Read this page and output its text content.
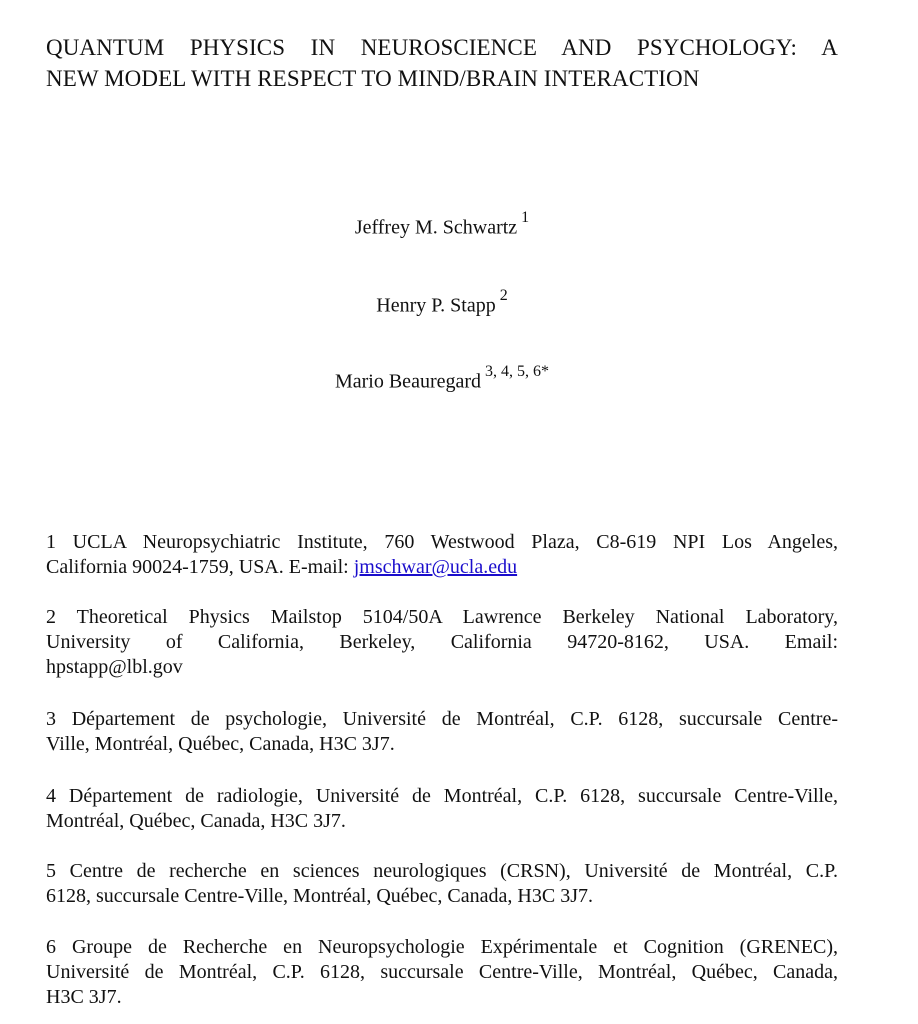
QUANTUM PHYSICS IN NEUROSCIENCE AND PSYCHOLOGY: A
NEW MODEL WITH RESPECT TO MIND/BRAIN INTERACTION
Jeffrey M. Schwartz $^1$
Henry P. Stapp $^2$
Mario Beauregard $^{3, 4, 5, 6*}$
1 UCLA Neuropsychiatric Institute, 760 Westwood Plaza, C8-619 NPI Los Angeles,
California 90024-1759, USA. E-mail: jmschwar@ucla.edu
2 Theoretical Physics Mailstop 5104/50A Lawrence Berkeley National Laboratory,
University of California, Berkeley, California 94720-8162, USA. Email:
hpstapp@lbl.gov
3 Département de psychologie, Université de Montréal, C.P. 6128, succursale Centre-
Ville, Montréal, Québec, Canada, H3C 3J7.
4 Département de radiologie, Université de Montréal, C.P. 6128, succursale Centre-Ville,
Montréal, Québec, Canada, H3C 3J7.
5 Centre de recherche en sciences neurologiques (CRSN), Université de Montréal, C.P.
6128, succursale Centre-Ville, Montréal, Québec, Canada, H3C 3J7.
6 Groupe de Recherche en Neuropsychologie Expérimentale et Cognition (GRENEC),
Université de Montréal, C.P. 6128, succursale Centre-Ville, Montréal, Québec, Canada,
H3C 3J7.
